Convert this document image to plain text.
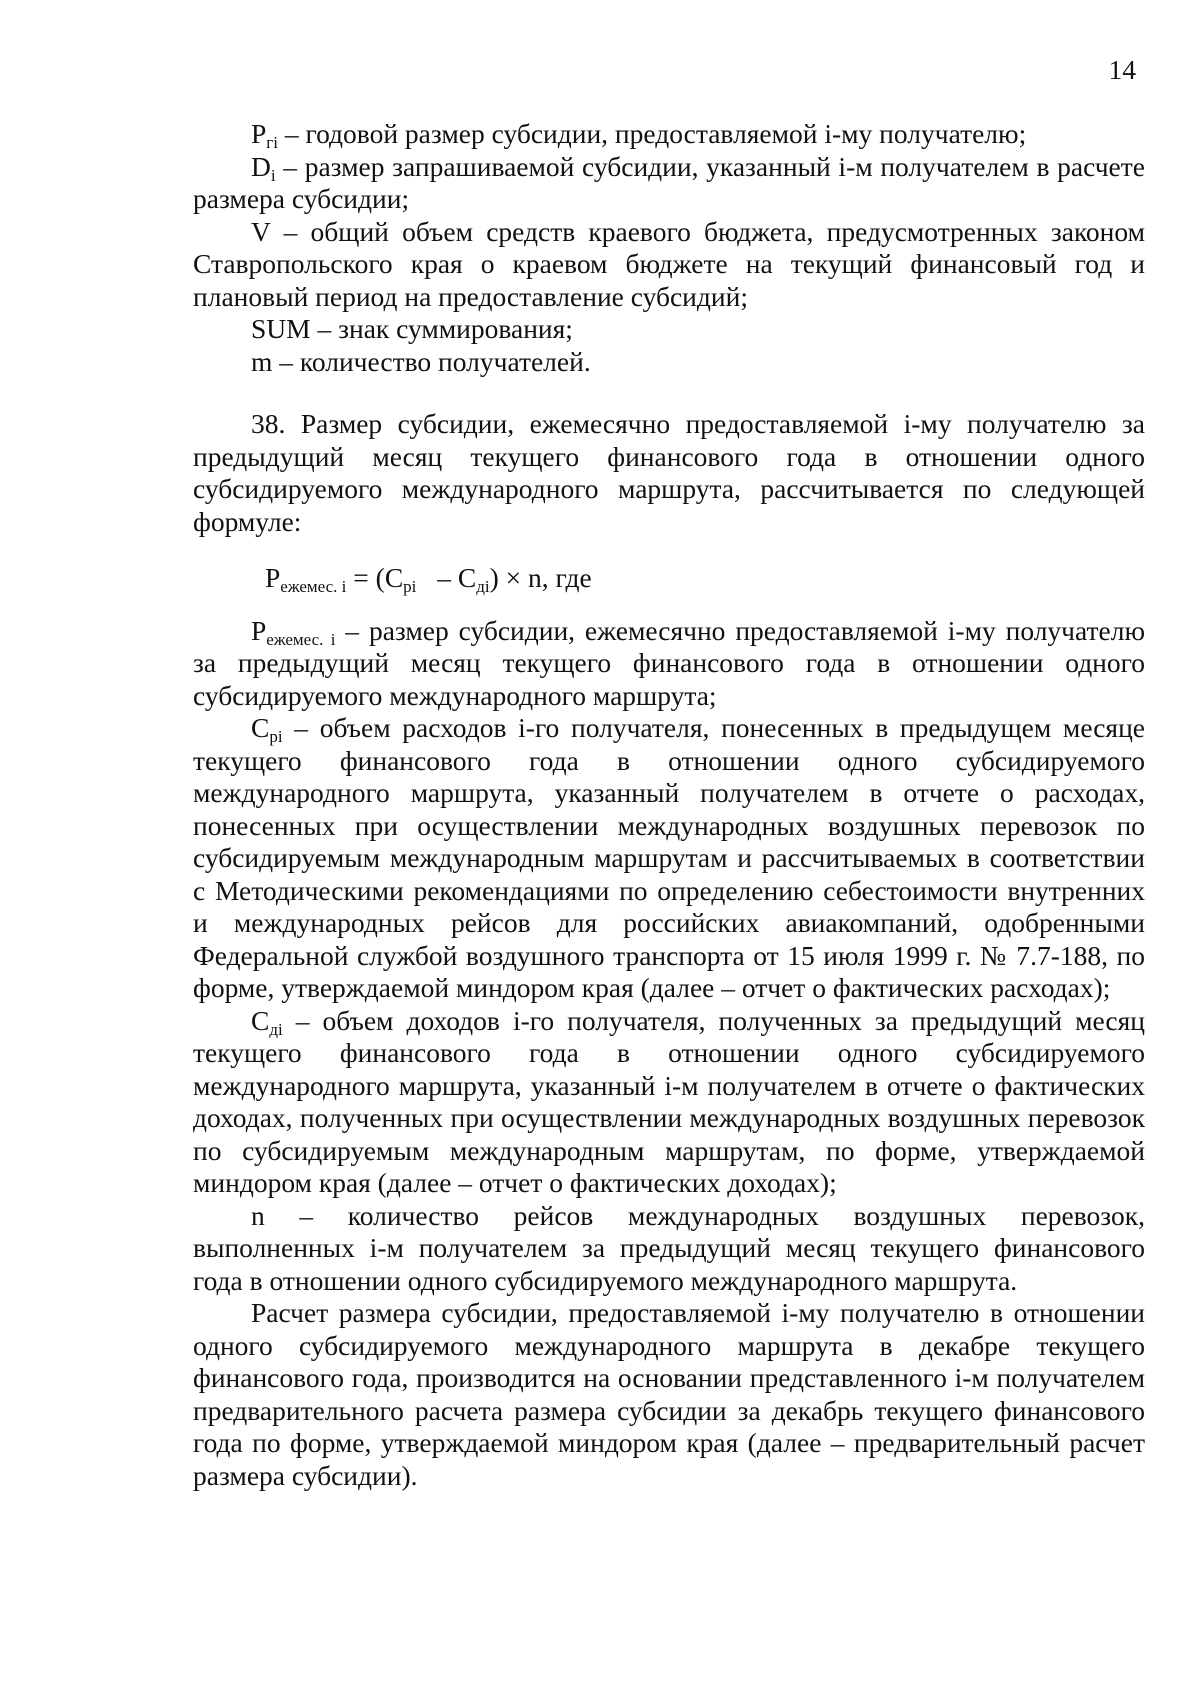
14

$P_{гi}$ – годовой размер субсидии, предоставляемой i-му получателю;

$D_i$ – размер запрашиваемой субсидии, указанный i-м получателем в расчете размера субсидии;

V – общий объем средств краевого бюджета, предусмотренных законом Ставропольского края о краевом бюджете на текущий финансовый год и плановый период на предоставление субсидий;

SUM – знак суммирования;

m – количество получателей.

38. Размер субсидии, ежемесячно предоставляемой i-му получателю за предыдущий месяц текущего финансового года в отношении одного субсидируемого международного маршрута, рассчитывается по следующей формуле:

$P_{ежемес. i} = (C_{рi} - C_{дi}) \times n$, где

$P_{ежемес. i}$ – размер субсидии, ежемесячно предоставляемой i-му получателю за предыдущий месяц текущего финансового года в отношении одного субсидируемого международного маршрута;

$C_{рi}$ – объем расходов i-го получателя, понесенных в предыдущем месяце текущего финансового года в отношении одного субсидируемого международного маршрута, указанный получателем в отчете о расходах, понесенных при осуществлении международных воздушных перевозок по субсидируемым международным маршрутам и рассчитываемых в соответствии с Методическими рекомендациями по определению себестоимости внутренних и международных рейсов для российских авиакомпаний, одобренными Федеральной службой воздушного транспорта от 15 июля 1999 г. № 7.7-188, по форме, утверждаемой миндором края (далее – отчет о фактических расходах);

$C_{дi}$ – объем доходов i-го получателя, полученных за предыдущий месяц текущего финансового года в отношении одного субсидируемого международного маршрута, указанный i-м получателем в отчете о фактических доходах, полученных при осуществлении международных воздушных перевозок по субсидируемым международным маршрутам, по форме, утверждаемой миндором края (далее – отчет о фактических доходах);

n – количество рейсов международных воздушных перевозок, выполненных i-м получателем за предыдущий месяц текущего финансового года в отношении одного субсидируемого международного маршрута.

Расчет размера субсидии, предоставляемой i-му получателю в отношении одного субсидируемого международного маршрута в декабре текущего финансового года, производится на основании представленного i-м получателем предварительного расчета размера субсидии за декабрь текущего финансового года по форме, утверждаемой миндором края (далее – предварительный расчет размера субсидии).
